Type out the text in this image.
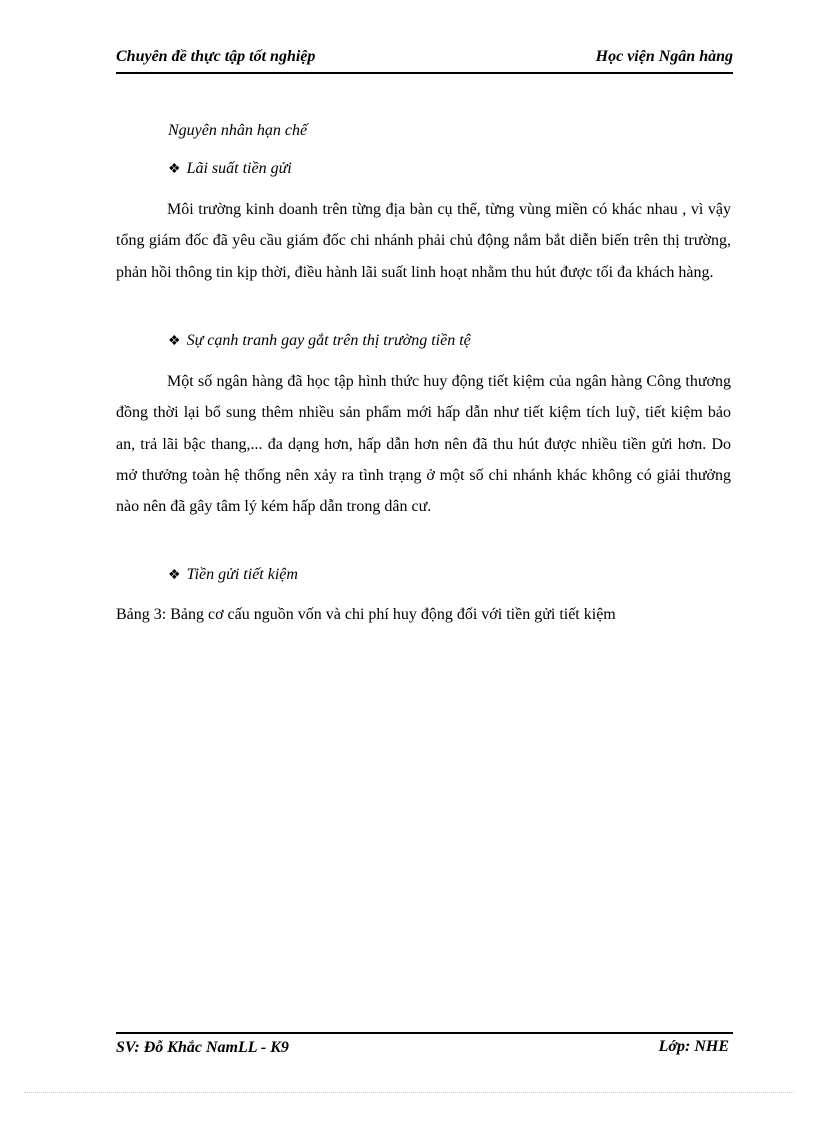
Chuyên đề thực tập tốt nghiệp	Học viện Ngân hàng
Nguyên nhân hạn chế
❖ Lãi suất tiền gửi
Môi trường kinh doanh trên từng địa bàn cụ thể, từng vùng miền có khác nhau , vì vậy tổng giám đốc đã yêu cầu giám đốc chi nhánh phải chủ động nắm bắt diễn biến trên thị trường, phản hồi thông tin kịp thời, điều hành lãi suất linh hoạt nhằm thu hút được tối đa khách hàng.
❖ Sự cạnh tranh gay gắt trên thị trường tiền tệ
Một số ngân hàng đã học tập hình thức huy động tiết kiệm của ngân hàng Công thương đồng thời lại bổ sung thêm nhiều sản phẩm mới hấp dẫn như tiết kiệm tích luỹ, tiết kiệm bảo an, trả lãi bậc thang,... đa dạng hơn, hấp dẫn hơn nên đã thu hút được nhiều tiền gửi hơn. Do mở thưởng toàn hệ thống nên xảy ra tình trạng ở một số chi nhánh khác không có giải thưởng nào nên đã gây tâm lý kém hấp dẫn trong dân cư.
❖ Tiền gửi tiết kiệm
Bảng 3: Bảng cơ cấu nguồn vốn và chi phí huy động đối với tiền gửi tiết kiệm
SV: Đỗ Khắc NamLL - K9	Lớp: NHE
